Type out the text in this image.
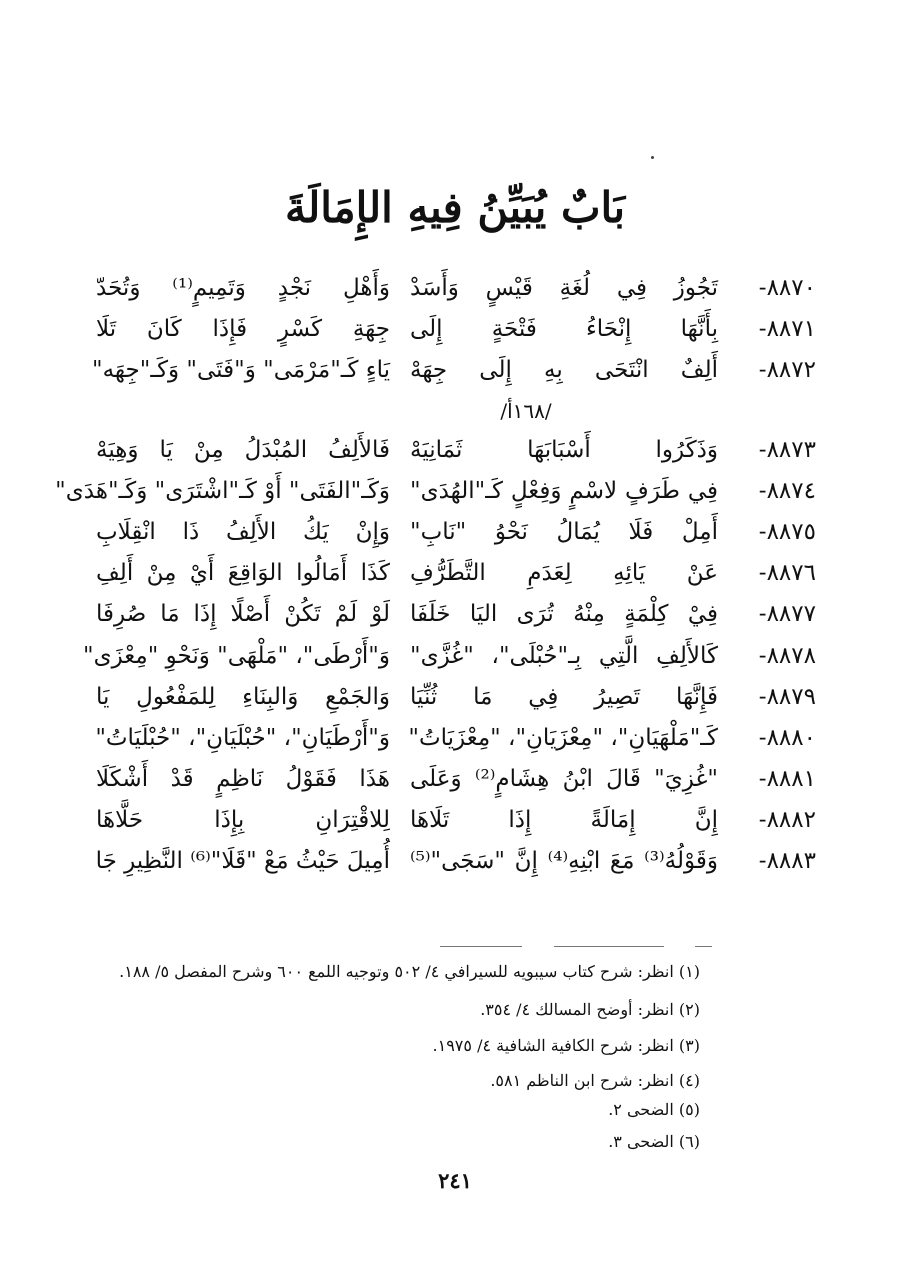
بَابٌ يُبَيِّنُ فِيهِ الإِمَالَةَ
٨٨٧٠-
تَجُوزُ فِي لُغَةِ قَيْسٍ وَأَسَدْ
وَأَهْلِ نَجْدٍ وَتَمِيمٍ⁽¹⁾ وَتُحَدّ
٨٨٧١-
بِأَنَّهَا إِنْحَاءُ فَتْحَةٍ إِلَى
جِهَةِ كَسْرٍ فَإِذَا كَانَ تَلَا
٨٨٧٢-
أَلِفٌ انْتَحَى بِهِ إِلَى جِهَهْ
يَاءٍ كَـ"مَرْمَى" وَ"فَتَى" وَكَـ"جِهَه"
/١٦٨أ/
٨٨٧٣-
وَذَكَرُوا أَسْبَابَهَا ثَمَانِيَهْ
فَالأَلِفُ المُبْدَلُ مِنْ يَا وَهِيَهْ
٨٨٧٤-
فِي طَرَفٍ لاسْمٍ وَفِعْلٍ كَـ"الهُدَى"
وَكَـ"الفَتَى" أَوْ كَـ"اشْتَرَى" وَكَـ"هَدَى"
٨٨٧٥-
أَمِلْ فَلَا يُمَالُ نَحْوُ "نَابِ"
وَإِنْ يَكُ الأَلِفُ ذَا انْقِلَابِ
٨٨٧٦-
عَنْ يَائِهِ لِعَدَمِ التَّطَرُّفِ
كَذَا أَمَالُوا الوَاقِعَ أَيْ مِنْ أَلِفِ
٨٨٧٧-
فِيْ كِلْمَةٍ مِنْهُ تُرَى اليَا خَلَفَا
لَوْ لَمْ تَكُنْ أَصْلًا إِذَا مَا صُرِفَا
٨٨٧٨-
كَالأَلِفِ الَّتِي بِـ"حُبْلَى"، "غُزَّى"
وَ"أَرْطَى"، "مَلْهَى" وَنَحْوِ "مِعْزَى"
٨٨٧٩-
فَإِنَّهَا تَصِيرُ فِي مَا ثُنِّيَا
وَالجَمْعِ وَالبِنَاءِ لِلمَفْعُولِ يَا
٨٨٨٠-
كَـ"مَلْهَيَانِ"، "مِعْزَيَانِ"، "مِعْزَيَاتُ"
وَ"أَرْطَيَانِ"، "حُبْلَيَانِ"، "حُبْلَيَاتُ"
٨٨٨١-
"غُزِيَ" قَالَ ابْنُ هِشَامٍ⁽²⁾ وَعَلَى
هَذَا فَقَوْلُ نَاظِمٍ قَدْ أَشْكَلَا
٨٨٨٢-
إِنَّ إِمَالَةً إِذَا تَلَاهَا
لِلاقْتِرَانِ بِإِذَا حَلَّاهَا
٨٨٨٣-
وَقَوْلُهُ⁽³⁾ مَعَ ابْنِهِ⁽⁴⁾ إِنَّ "سَجَى"⁽⁵⁾
أُمِيلَ حَيْثُ مَعْ "قَلَا"⁽⁶⁾ النَّظِيرِ جَا
(١) انظر: شرح كتاب سيبويه للسيرافي ٤/ ٥٠٢ وتوجيه اللمع ٦٠٠ وشرح المفصل ٥/ ١٨٨.
(٢) انظر: أوضح المسالك ٤/ ٣٥٤.
(٣) انظر: شرح الكافية الشافية ٤/ ١٩٧٥.
(٤) انظر: شرح ابن الناظم ٥٨١.
(٥) الضحى ٢.
(٦) الضحى ٣.
٢٤١
